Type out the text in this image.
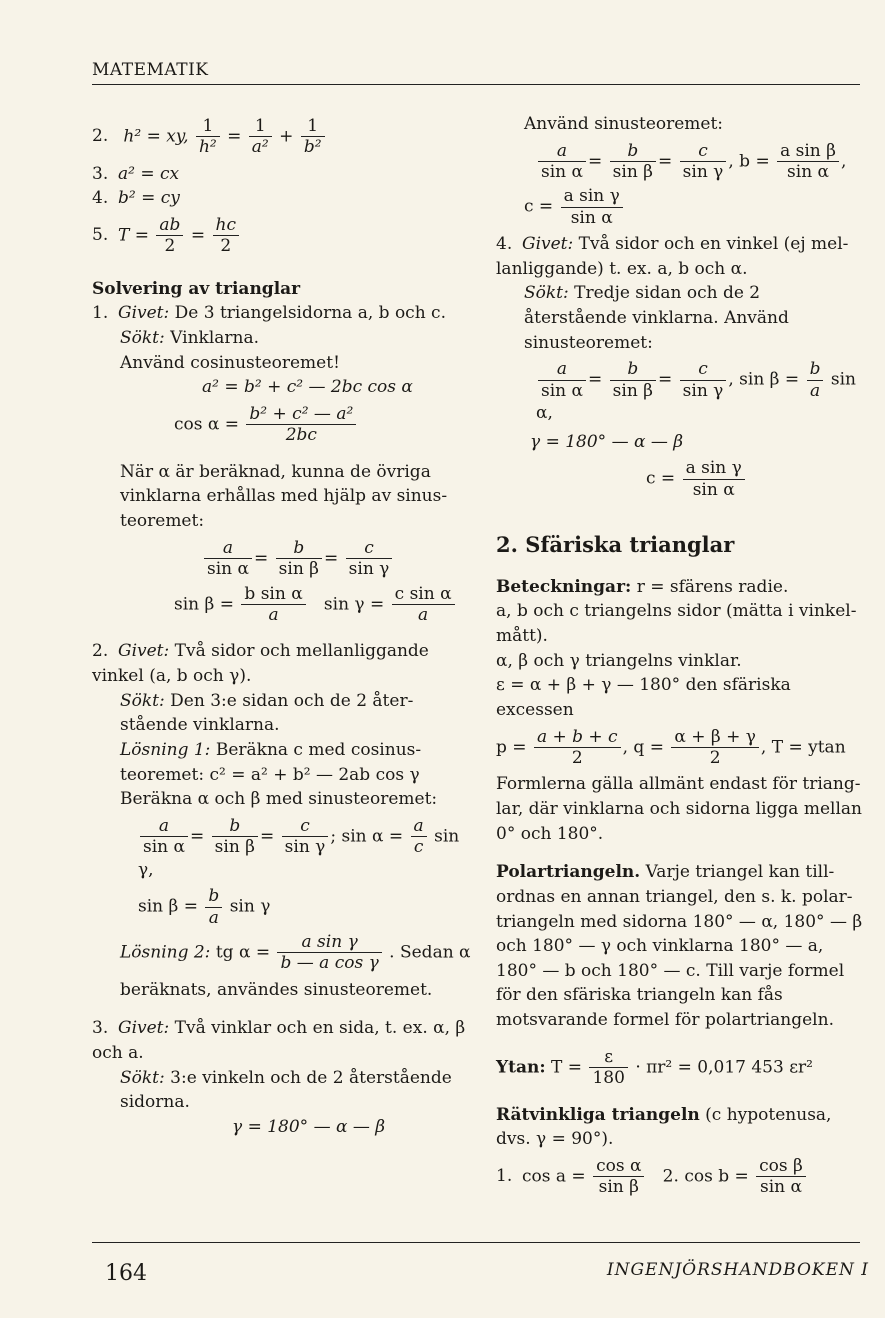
MATEMATIK
2. h² = xy, $\frac{1}{\text{h²}} = \frac{1}{\text{a²}} + \frac{1}{\text{b²}}$
3. a² = cx
4. b² = cy
5. $T = \frac{ab}{2} = \frac{hc}{2}$
Solvering av trianglar
1. Givet: De 3 triangelsidorna a, b och c.
Sökt: Vinklarna.
Använd cosinusteoremet!
a² = b² + c² — 2bc cos α
$\cos \alpha = \frac{\text{b² + c² — a²}}{2bc}$
När α är beräknad, kunna de övriga vinklarna erhållas med hjälp av sinus- teoremet:
$\frac{a}{\text{sin α}} = \frac{b}{\text{sin β}} = \frac{c}{\text{sin γ}}$
$\sin \beta = \frac{\text{b sin α}}{a}$ $\sin \gamma = \frac{\text{c sin α}}{a}$
2. Givet: Två sidor och mellanliggande vinkel (a, b och γ).
Sökt: Den 3:e sidan och de 2 åter- stående vinklarna.
Lösning 1: Beräkna c med cosinus- teoremet: c² = a² + b² — 2ab cos γ
Beräkna α och β med sinusteoremet:
$\frac{a}{\text{sin α}} = \frac{b}{\text{sin β}} = \frac{c}{\text{sin γ}}$ ; $\sin \alpha = \frac{a}{c}$ sin γ,
$\sin \beta = \frac{b}{a}$ sin γ
Lösning 2: tg $\alpha = \frac{\text{a sin γ}}{\text{b — a cos γ}}$ . Sedan α
beräknats, användes sinusteoremet.
3. Givet: Två vinklar och en sida, t. ex. α, β och a.
Sökt: 3:e vinkeln och de 2 återstående sidorna.
γ = 180° — α — β
Använd sinusteoremet:
$\frac{a}{\text{sin α}} = \frac{b}{\text{sin β}} = \frac{c}{\text{sin γ}}$ , $b = \frac{\text{a sin β}}{\text{sin α}}$ ,
$c = \frac{\text{a sin γ}}{\text{sin α}}$
4. Givet: Två sidor och en vinkel (ej mel- lanliggande) t. ex. a, b och α.
Sökt: Tredje sidan och de 2 återstående vinklarna. Använd sinusteoremet:
$\frac{a}{\text{sin α}} = \frac{b}{\text{sin β}} = \frac{c}{\text{sin γ}}$ , $\sin \beta = \frac{b}{a}$ sin α,
γ = 180° — α — β
$c = \frac{\text{a sin γ}}{\text{sin α}}$
2. Sfäriska trianglar
Beteckningar: r = sfärens radie.
a, b och c triangelns sidor (mätta i vinkel- mått).
α, β och γ triangelns vinklar.
ε = α + β + γ — 180° den sfäriska excessen
$p = \frac{a + b + c}{2}$ , $q = \frac{\alpha + \beta + \gamma}{2}$ , T = ytan
Formlerna gälla allmänt endast för triang- lar, där vinklarna och sidorna ligga mellan 0° och 180°.
Polartriangeln. Varje triangel kan till- ordnas en annan triangel, den s. k. polar- triangeln med sidorna 180° — α, 180° — β och 180° — γ och vinklarna 180° — a, 180° — b och 180° — c. Till varje formel för den sfäriska triangeln kan fås motsvarande formel för polartriangeln.
Ytan: $T = \frac{\varepsilon}{180} \cdot \pi r^2 = 0,017$ 453 εr²
Rätvinkliga triangeln (c hypotenusa, dvs. γ = 90°).
1. $\cos a = \frac{\text{cos α}}{\text{sin β}} 2$. $\cos b = \frac{\text{cos β}}{\text{sin α}}$
164	INGENJÖRSHANDBOKEN I
